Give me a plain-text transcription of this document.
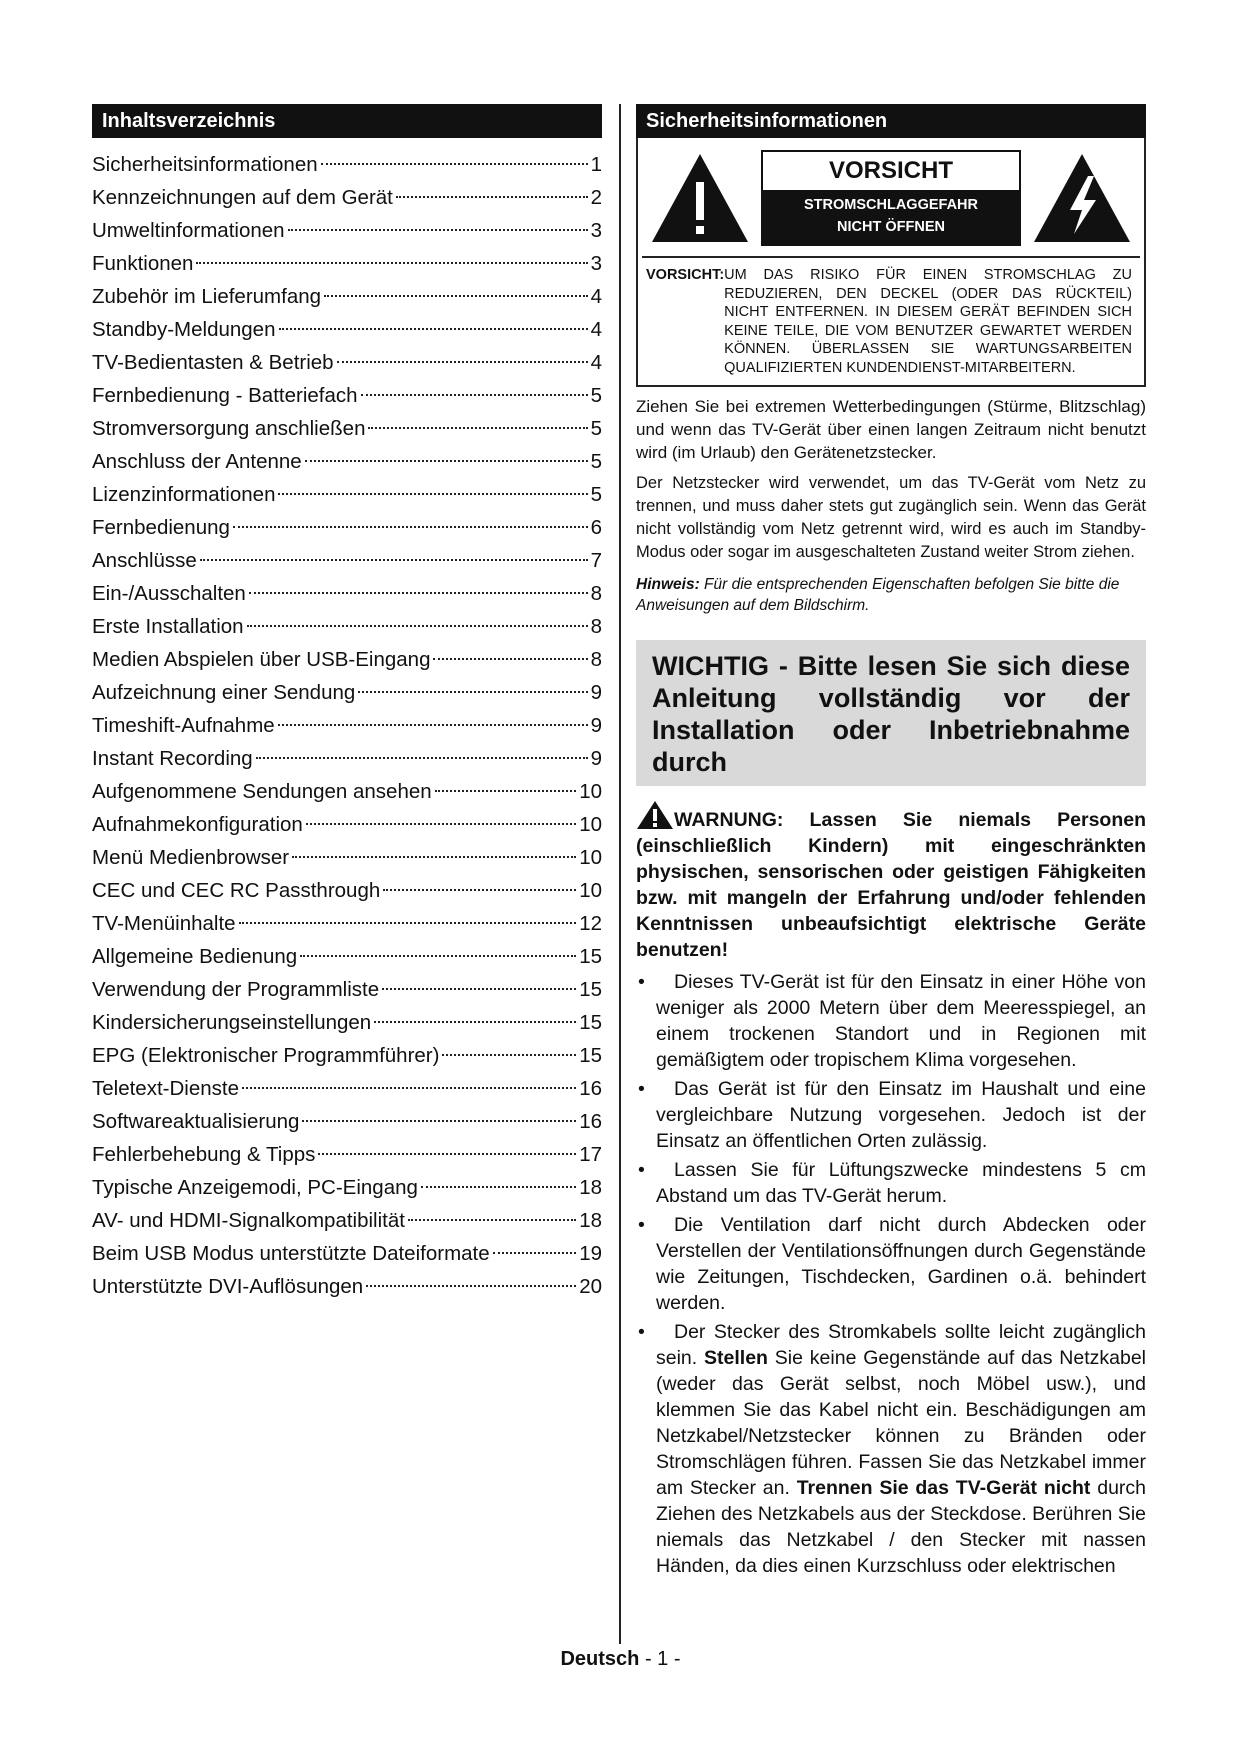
Inhaltsverzeichnis
Sicherheitsinformationen	1
Kennzeichnungen auf dem Gerät	2
Umweltinformationen	3
Funktionen	3
Zubehör im Lieferumfang	4
Standby-Meldungen	4
TV-Bedientasten & Betrieb	4
Fernbedienung - Batteriefach	5
Stromversorgung anschließen	5
Anschluss der Antenne	5
Lizenzinformationen	5
Fernbedienung	6
Anschlüsse	7
Ein-/Ausschalten	8
Erste Installation	8
Medien Abspielen über USB-Eingang	8
Aufzeichnung einer Sendung	9
Timeshift-Aufnahme	9
Instant Recording	9
Aufgenommene Sendungen ansehen	10
Aufnahmekonfiguration	10
Menü Medienbrowser	10
CEC und CEC RC Passthrough	10
TV-Menüinhalte	12
Allgemeine Bedienung	15
Verwendung der Programmliste	15
Kindersicherungseinstellungen	15
EPG (Elektronischer Programmführer)	15
Teletext-Dienste	16
Softwareaktualisierung	16
Fehlerbehebung & Tipps	17
Typische Anzeigemodi, PC-Eingang	18
AV- und HDMI-Signalkompatibilität	18
Beim USB Modus unterstützte Dateiformate	19
Unterstützte DVI-Auflösungen	20
Sicherheitsinformationen
VORSICHT
STROMSCHLAGGEFAHR
NICHT ÖFFNEN
VORSICHT: UM DAS RISIKO FÜR EINEN STROMSCHLAG ZU REDUZIEREN, DEN DECKEL (ODER DAS RÜCKTEIL) NICHT ENTFERNEN. IN DIESEM GERÄT BEFINDEN SICH KEINE TEILE, DIE VOM BENUTZER GEWARTET WERDEN KÖNNEN. ÜBERLASSEN SIE WARTUNGSARBEITEN QUALIFIZIERTEN KUNDENDIENST-MITARBEITERN.
Ziehen Sie bei extremen Wetterbedingungen (Stürme, Blitzschlag) und wenn das TV-Gerät über einen langen Zeitraum nicht benutzt wird (im Urlaub) den Gerätenetzstecker.
Der Netzstecker wird verwendet, um das TV-Gerät vom Netz zu trennen, und muss daher stets gut zugänglich sein. Wenn das Gerät nicht vollständig vom Netz getrennt wird, wird es auch im Standby-Modus oder sogar im ausgeschalteten Zustand weiter Strom ziehen.
Hinweis: Für die entsprechenden Eigenschaften befolgen Sie bitte die Anweisungen auf dem Bildschirm.
WICHTIG - Bitte lesen Sie sich diese Anleitung vollständig vor der Installation oder Inbetriebnahme durch
WARNUNG: Lassen Sie niemals Personen (einschließlich Kindern) mit eingeschränkten physischen, sensorischen oder geistigen Fähigkeiten bzw. mit mangeln der Erfahrung und/oder fehlenden Kenntnissen unbeaufsichtigt elektrische Geräte benutzen!
•	Dieses TV-Gerät ist für den Einsatz in einer Höhe von weniger als 2000 Metern über dem Meeresspiegel, an einem trockenen Standort und in Regionen mit gemäßigtem oder tropischem Klima vorgesehen.
•	Das Gerät ist für den Einsatz im Haushalt und eine vergleichbare Nutzung vorgesehen. Jedoch ist der Einsatz an öffentlichen Orten zulässig.
•	Lassen Sie für Lüftungszwecke mindestens 5 cm Abstand um das TV-Gerät herum.
•	Die Ventilation darf nicht durch Abdecken oder Verstellen der Ventilationsöffnungen durch Gegenstände wie Zeitungen, Tischdecken, Gardinen o.ä. behindert werden.
•	Der Stecker des Stromkabels sollte leicht zugänglich sein. Stellen Sie keine Gegenstände auf das Netzkabel (weder das Gerät selbst, noch Möbel usw.), und klemmen Sie das Kabel nicht ein. Beschädigungen am Netzkabel/Netzstecker können zu Bränden oder Stromschlägen führen. Fassen Sie das Netzkabel immer am Stecker an. Trennen Sie das TV-Gerät nicht durch Ziehen des Netzkabels aus der Steckdose. Berühren Sie niemals das Netzkabel / den Stecker mit nassen Händen, da dies einen Kurzschluss oder elektrischen
Deutsch - 1 -
